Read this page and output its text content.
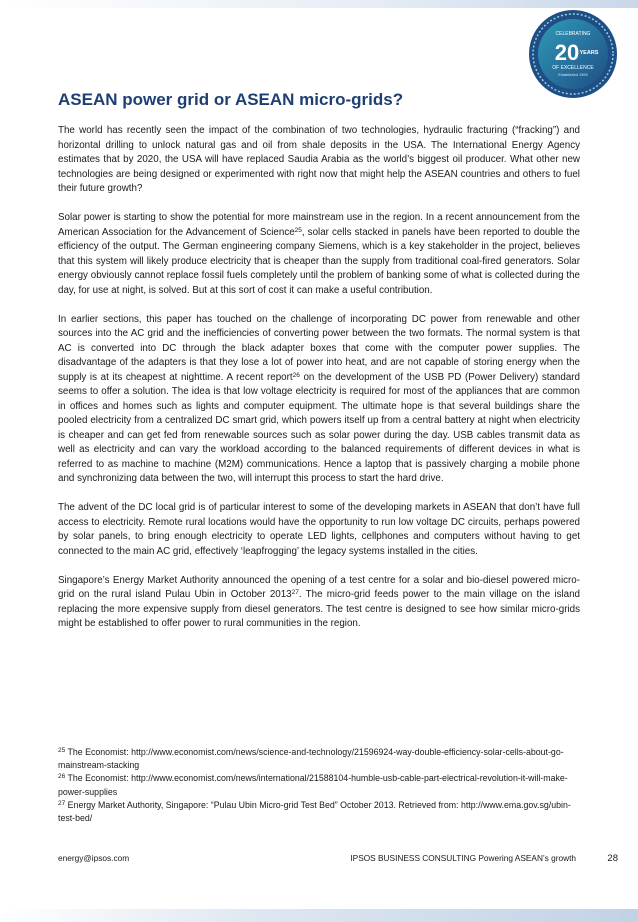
CELEBRATING
20 YEARS
OF EXCELLENCE
Established 1993
ASEAN power grid or ASEAN micro-grids?

The world has recently seen the impact of the combination of two technologies, hydraulic fracturing (“fracking”) and horizontal drilling to unlock natural gas and oil from shale deposits in the USA. The International Energy Agency estimates that by 2020, the USA will have replaced Saudia Arabia as the world’s biggest oil producer. What other new technologies are being designed or experimented with right now that might help the ASEAN countries and others to fuel their future growth?

Solar power is starting to show the potential for more mainstream use in the region. In a recent announcement from the American Association for the Advancement of Science$^{25}$, solar cells stacked in panels have been reported to double the efficiency of the output. The German engineering company Siemens, which is a key stakeholder in the project, believes that this system will likely produce electricity that is cheaper than the supply from traditional coal-fired generators. Solar energy obviously cannot replace fossil fuels completely until the problem of banking some of what is collected during the day, for use at night, is solved. But at this sort of cost it can make a useful contribution.

In earlier sections, this paper has touched on the challenge of incorporating DC power from renewable and other sources into the AC grid and the inefficiencies of converting power between the two formats. The normal system is that AC is converted into DC through the black adapter boxes that come with the computer power supplies. The disadvantage of the adapters is that they lose a lot of power into heat, and are not capable of storing energy when the supply is at its cheapest at nighttime. A recent report$^{26}$ on the development of the USB PD (Power Delivery) standard seems to offer a solution. The idea is that low voltage electricity is required for most of the appliances that are common in offices and homes such as lights and computer equipment. The ultimate hope is that several buildings share the pooled electricity from a centralized DC smart grid, which powers itself up from a central battery at night when electricity is cheaper and can get fed from renewable sources such as solar power during the day. USB cables transmit data as well as electricity and can vary the workload according to the balanced requirements of different devices in what is referred to as machine to machine (M2M) communications. Hence a laptop that is passively charging a mobile phone and synchronizing data between the two, will interrupt this process to start the hard drive.

The advent of the DC local grid is of particular interest to some of the developing markets in ASEAN that don’t have full access to electricity. Remote rural locations would have the opportunity to run low voltage DC circuits, perhaps powered by solar panels, to bring enough electricity to operate LED lights, cellphones and computers without having to get connected to the main AC grid, effectively ‘leapfrogging’ the legacy systems installed in the cities.

Singapore’s Energy Market Authority announced the opening of a test centre for a solar and bio-diesel powered micro-grid on the rural island Pulau Ubin in October 2013$^{27}$. The micro-grid feeds power to the main village on the island replacing the more expensive supply from diesel generators. The test centre is designed to see how similar micro-grids might be established to offer power to rural communities in the region.

$^{25}$ The Economist: http://www.economist.com/news/science-and-technology/21596924-way-double-efficiency-solar-cells-about-go-mainstream-stacking

$^{26}$ The Economist: http://www.economist.com/news/international/21588104-humble-usb-cable-part-electrical-revolution-it-will-make-power-supplies

$^{27}$ Energy Market Authority, Singapore: “Pulau Ubin Micro-grid Test Bed” October 2013. Retrieved from: http://www.ema.gov.sg/ubin-test-bed/

energy@ipsos.com	IPSOS BUSINESS CONSULTING Powering ASEAN’s growth	28
